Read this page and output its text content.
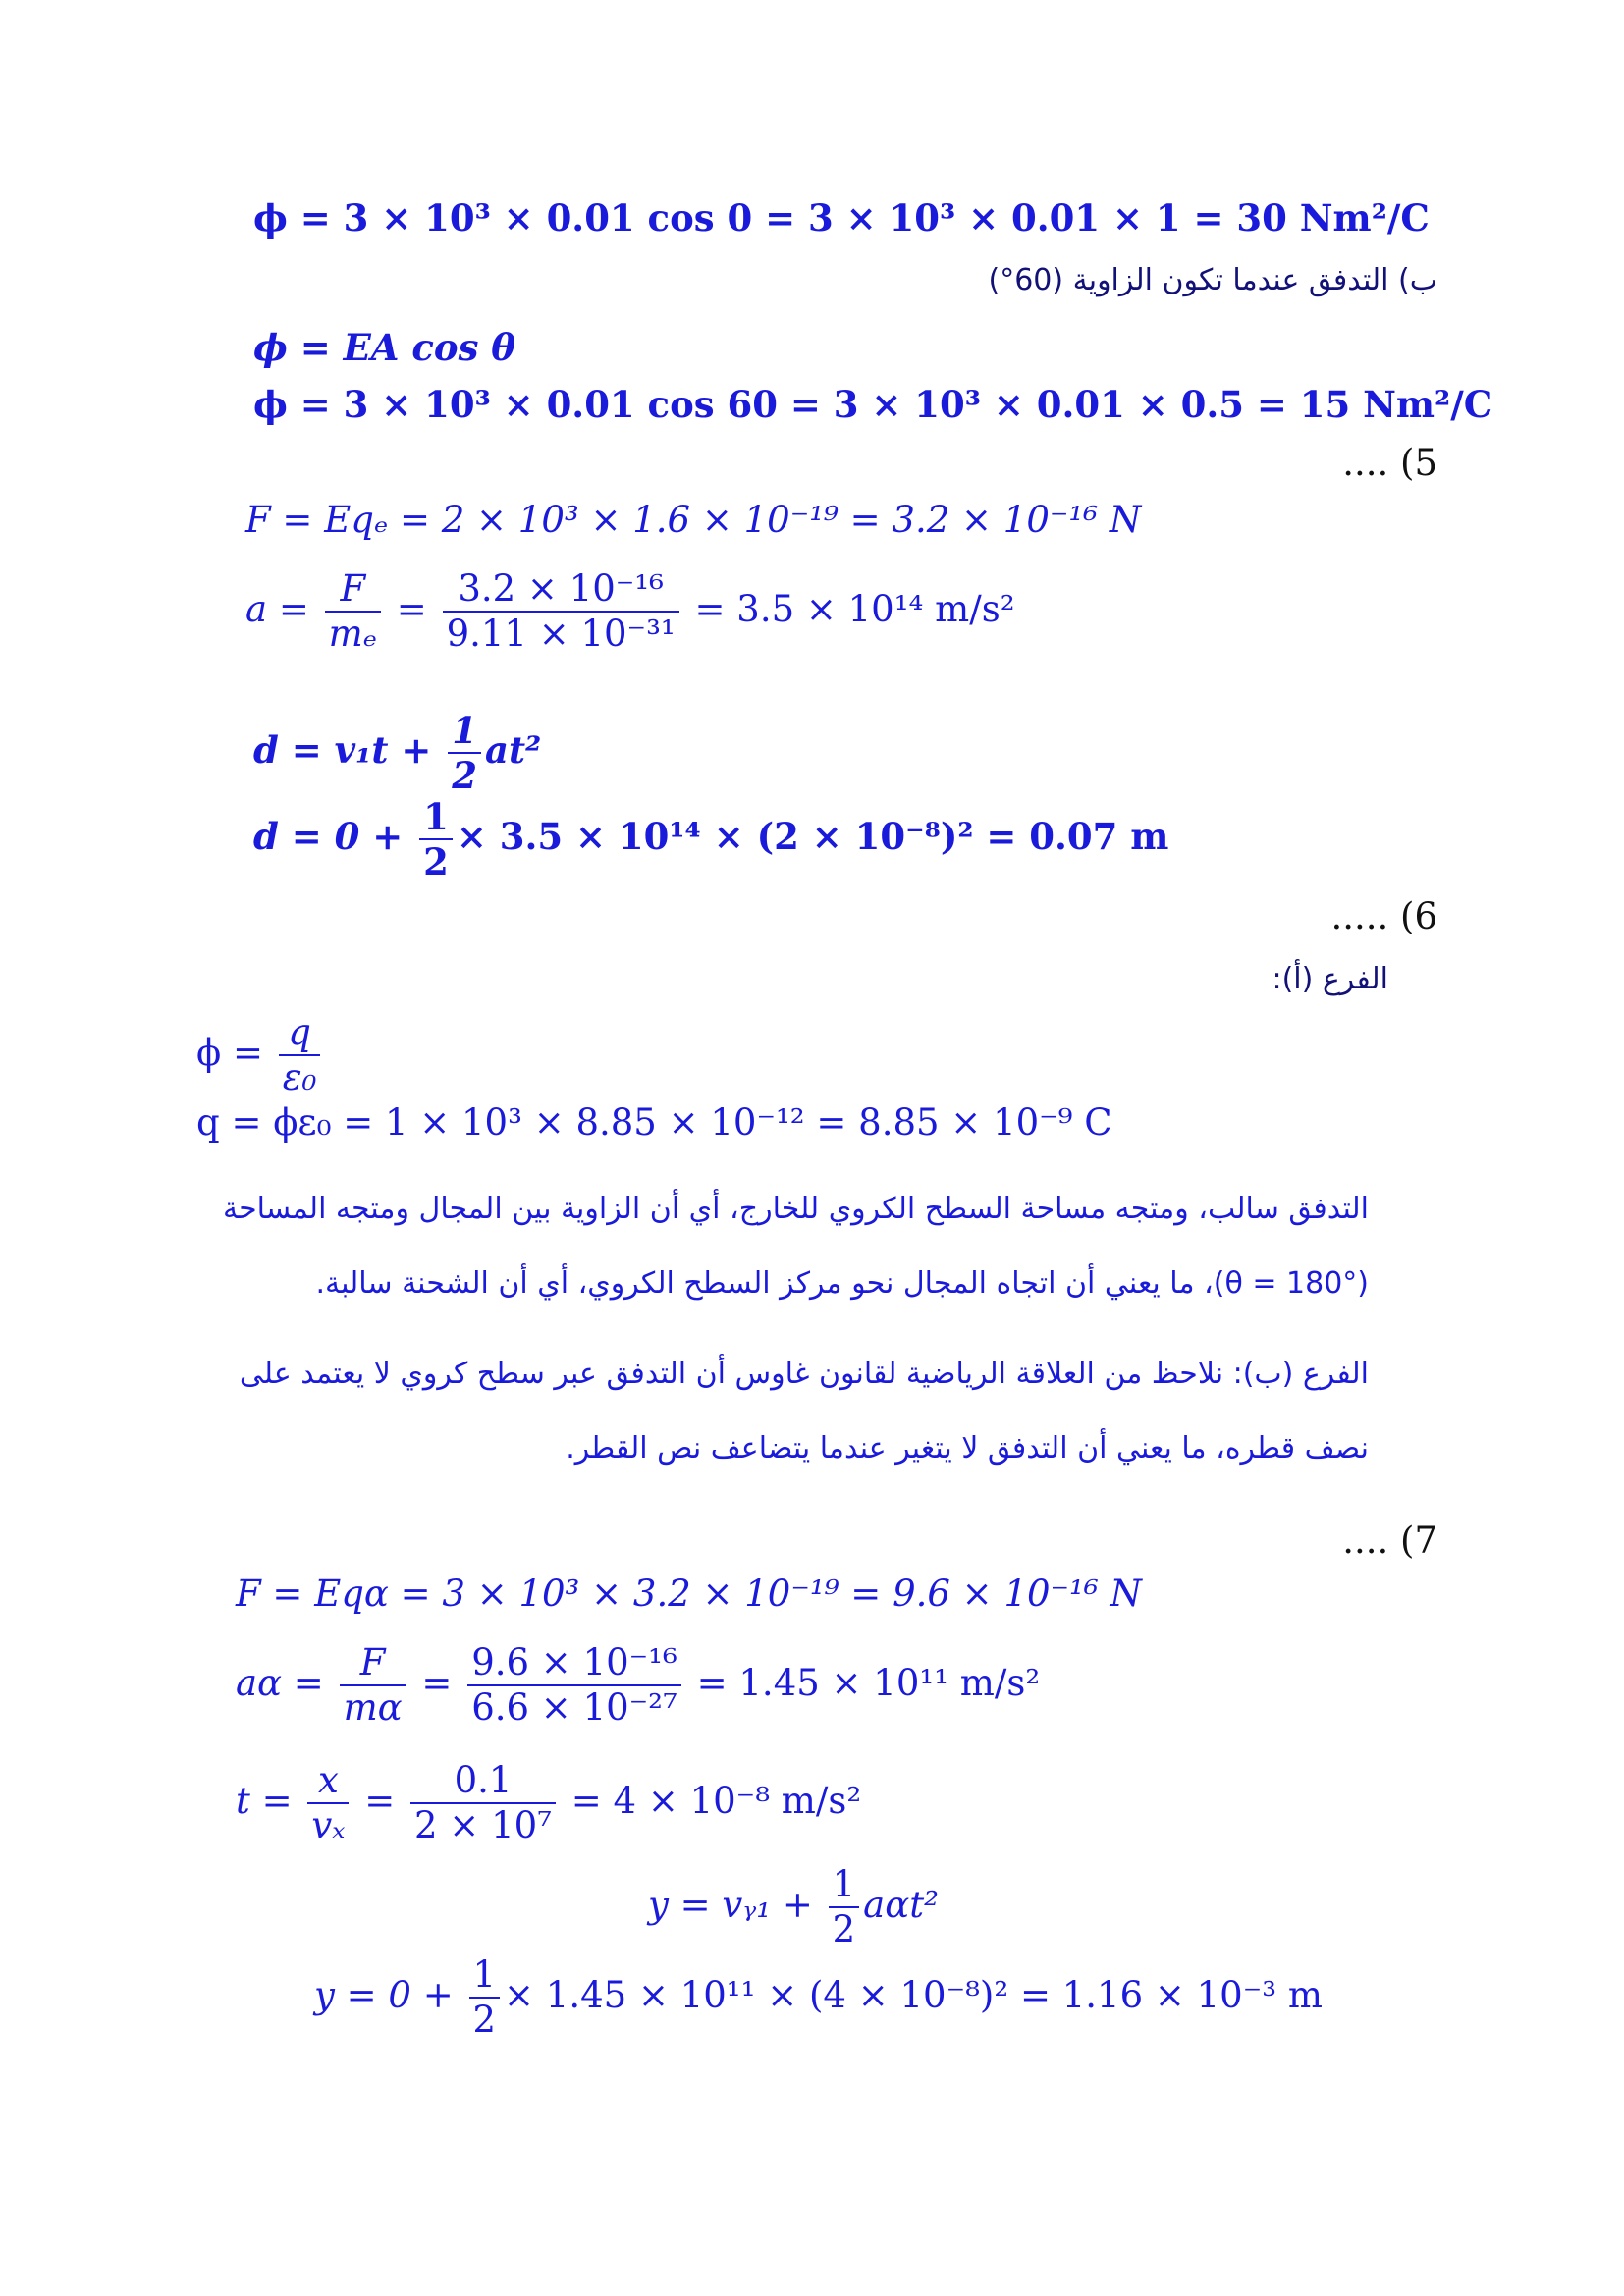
ϕ = 3 × 10³ × 0.01 cos 0 = 3 × 10³ × 0.01 × 1 = 30 Nm²/C
ب) التدفق عندما تكون الزاوية (60°)
ϕ = EA cos θ
ϕ = 3 × 10³ × 0.01 cos 60 = 3 × 10³ × 0.01 × 0.5 = 15 Nm²/C
5) ....
F = Eqₑ = 2 × 10³ × 1.6 × 10⁻¹⁹ = 3.2 × 10⁻¹⁶ N
$a = \frac{F}{\text{mₑ}} = \frac{\text{3.2 × 10⁻¹⁶}}{\text{9.11 × 10⁻³¹}} = 3.5 \times 10^{14}$ m/s²
$d = v_1t + \frac{1}{2} at^2$
$d = 0 + \frac{1}{2} \times 3.5 \times 10^{14} \times (2 \times 10^{-8})^2 = 0.07$ m
6) .....
الفرع (أ):
$\phi = \frac{q}{\text{ε₀}}$
q = ϕε₀ = 1 × 10³ × 8.85 × 10⁻¹² = 8.85 × 10⁻⁹ C
التدفق سالب، ومتجه مساحة السطح الكروي للخارج، أي أن الزاوية بين المجال ومتجه المساحة
(θ = 180°)، ما يعني أن اتجاه المجال نحو مركز السطح الكروي، أي أن الشحنة سالبة.
الفرع (ب): نلاحظ من العلاقة الرياضية لقانون غاوس أن التدفق عبر سطح كروي لا يعتمد على
نصف قطره، ما يعني أن التدفق لا يتغير عندما يتضاعف نص القطر.
7) ....
F = Eqα = 3 × 10³ × 3.2 × 10⁻¹⁹ = 9.6 × 10⁻¹⁶ N
$a\alpha = \frac{F}{m\alpha} = \frac{\text{9.6 × 10⁻¹⁶}}{\text{6.6 × 10⁻²⁷}} = 1.45 \times 10^{11}$ m/s²
$t = \frac{x}{\text{vₓ}} = \frac{0.1}{\text{2 × 10⁷}} = 4 \times 10^{-8}$ m/s²
y = vᵧ₁ + $\frac{1}{2} a\alpha t^2$
$y = 0 + \frac{1}{2} \times 1.45 \times 10^{11} \times (4 \times 10^{-8})^2 = 1.16 \times 10^{-3}$ m
